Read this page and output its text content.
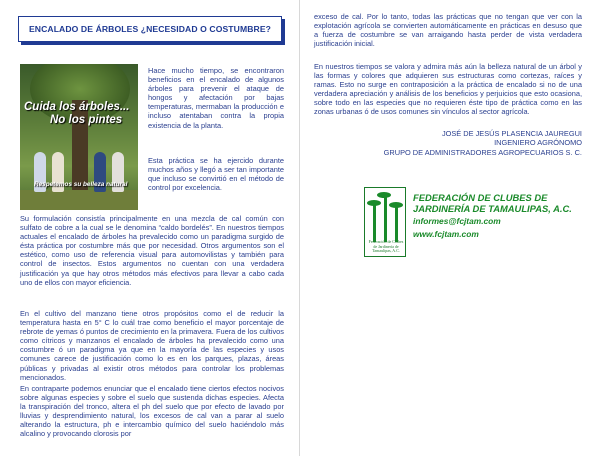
ENCALADO DE ÁRBOLES ¿NECESIDAD O COSTUMBRE?
Cuida los árboles...
No los pintes
Respetemos su belleza natural

Hace mucho tiempo, se encontraron beneficios en el encalado de algunos árboles para prevenir el ataque de hongos y afectación por bajas temperaturas, mermaban la producción e incluso atentaban contra la propia existencia de la planta.

Esta práctica se ha ejercido durante muchos años y llegó a ser tan importante que incluso se convirtió en el método de control por excelencia.

Su formulación consistía principalmente en una mezcla de cal común con sulfato de cobre a la cual se le denomina “caldo bordelés”. En nuestros tiempos actuales el encalado de árboles ha prevalecido como un paradigma surgido de ésta práctica por costumbre más que por necesidad. Otros argumentos son el estético, como uso de referencia visual para automovilistas y también para control de insectos. Estos argumentos no cuentan con una verdadera justificación ya que hay otros métodos más efectivos para llevar a cabo cada uno de ellos con mayor eficiencia.

En el cultivo del manzano tiene otros propósitos como el de reducir la temperatura hasta en 5° C lo cuál trae como beneficio el mayor porcentaje de rebrote de yemas ó puntos de crecimiento en la primavera. Fuera de los cultivos como cítricos y manzanos el encalado de árboles ha prevalecido como una costumbre ó un paradigma ya que en la mayoría de las especies y usos comunes carece de justificación como lo es en los parques, plazas, áreas públicas y privadas al existir otros métodos para controlar los problemas mencionados.

En contraparte podemos enunciar que el encalado tiene ciertos efectos nocivos sobre algunas especies y sobre el suelo que sustenda dichas especies. Afecta la transpiración del tronco, altera el ph del suelo que por efecto de lavado por lluvias y desprendimiento natural, los excesos de cal van a parar al suelo alterando la estructura, ph e intercambio químico del suelo haciéndolo más alcalino y provocando clorosis por

exceso de cal. Por lo tanto, todas las prácticas que no tengan que ver con la explotación agrícola se convierten automáticamente en prácticas en desuso que a fuerza de costumbre se van arraigando hasta perder de vista verdadera justificación inicial.

En nuestros tiempos se valora y admira más aún la belleza natural de un árbol y las formas y colores que adquieren sus estructuras como cortezas, raíces y ramas. Esto no surge en contraposición a la práctica de encalado si no de una verdadera apreciación y análisis de los beneficios y perjuicios que esto ocasiona, sobre todo en las especies que no requieren éste tipo de práctica como en las zonas urbanas ó de usos comunes sin vínculos al sector agrícola.

JOSÉ DE JESÚS PLASENCIA JAUREGUI
INGENIERO AGRÓNOMO
GRUPO DE ADMINISTRADORES AGROPECUARIOS S. C.
Federación de Clubes de Jardinería de Tamaulipas, A.C.
FEDERACIÓN DE CLUBES DE
JARDINERÍA DE TAMAULIPAS, A.C.
informes@fcjtam.com
www.fcjtam.com
